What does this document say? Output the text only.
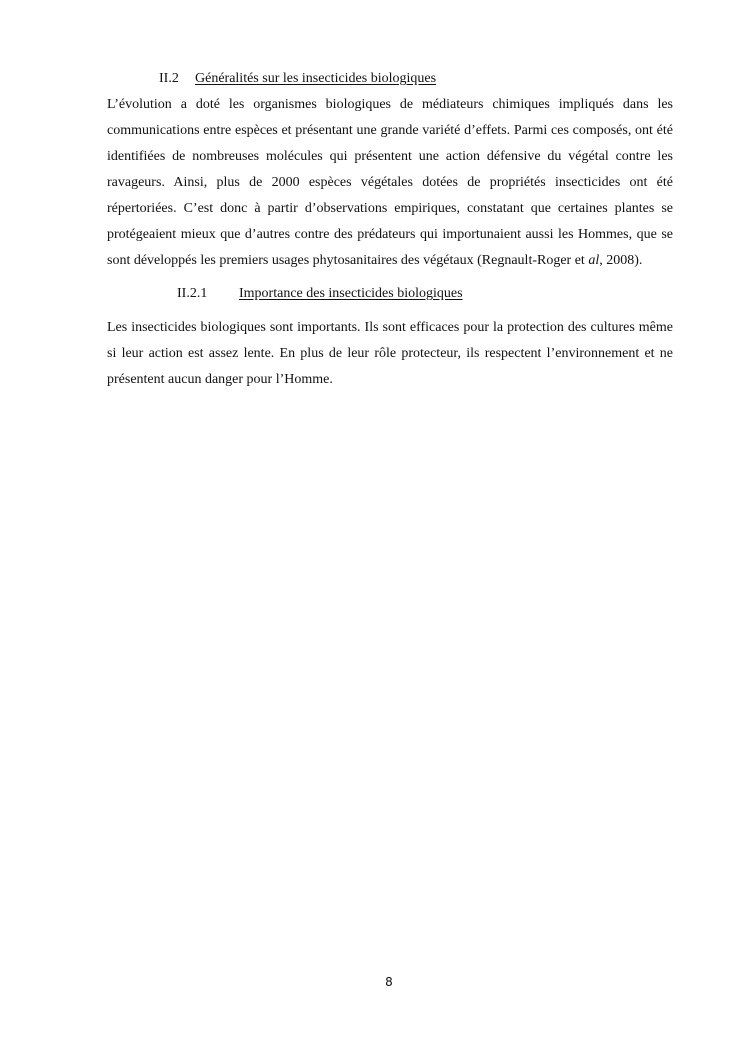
II.2 Généralités sur les insecticides biologiques

L’évolution a doté les organismes biologiques de médiateurs chimiques impliqués dans les communications entre espèces et présentant une grande variété d’effets. Parmi ces composés, ont été identifiées de nombreuses molécules qui présentent une action défensive du végétal contre les ravageurs. Ainsi, plus de 2000 espèces végétales dotées de propriétés insecticides ont été répertoriées. C’est donc à partir d’observations empiriques, constatant que certaines plantes se protégeaient mieux que d’autres contre des prédateurs qui importunaient aussi les Hommes, que se sont développés les premiers usages phytosanitaires des végétaux (Regnault-Roger et al, 2008).

II.2.1 Importance des insecticides biologiques

Les insecticides biologiques sont importants. Ils sont efficaces pour la protection des cultures même si leur action est assez lente. En plus de leur rôle protecteur, ils respectent l’environnement et ne présentent aucun danger pour l’Homme.

8
